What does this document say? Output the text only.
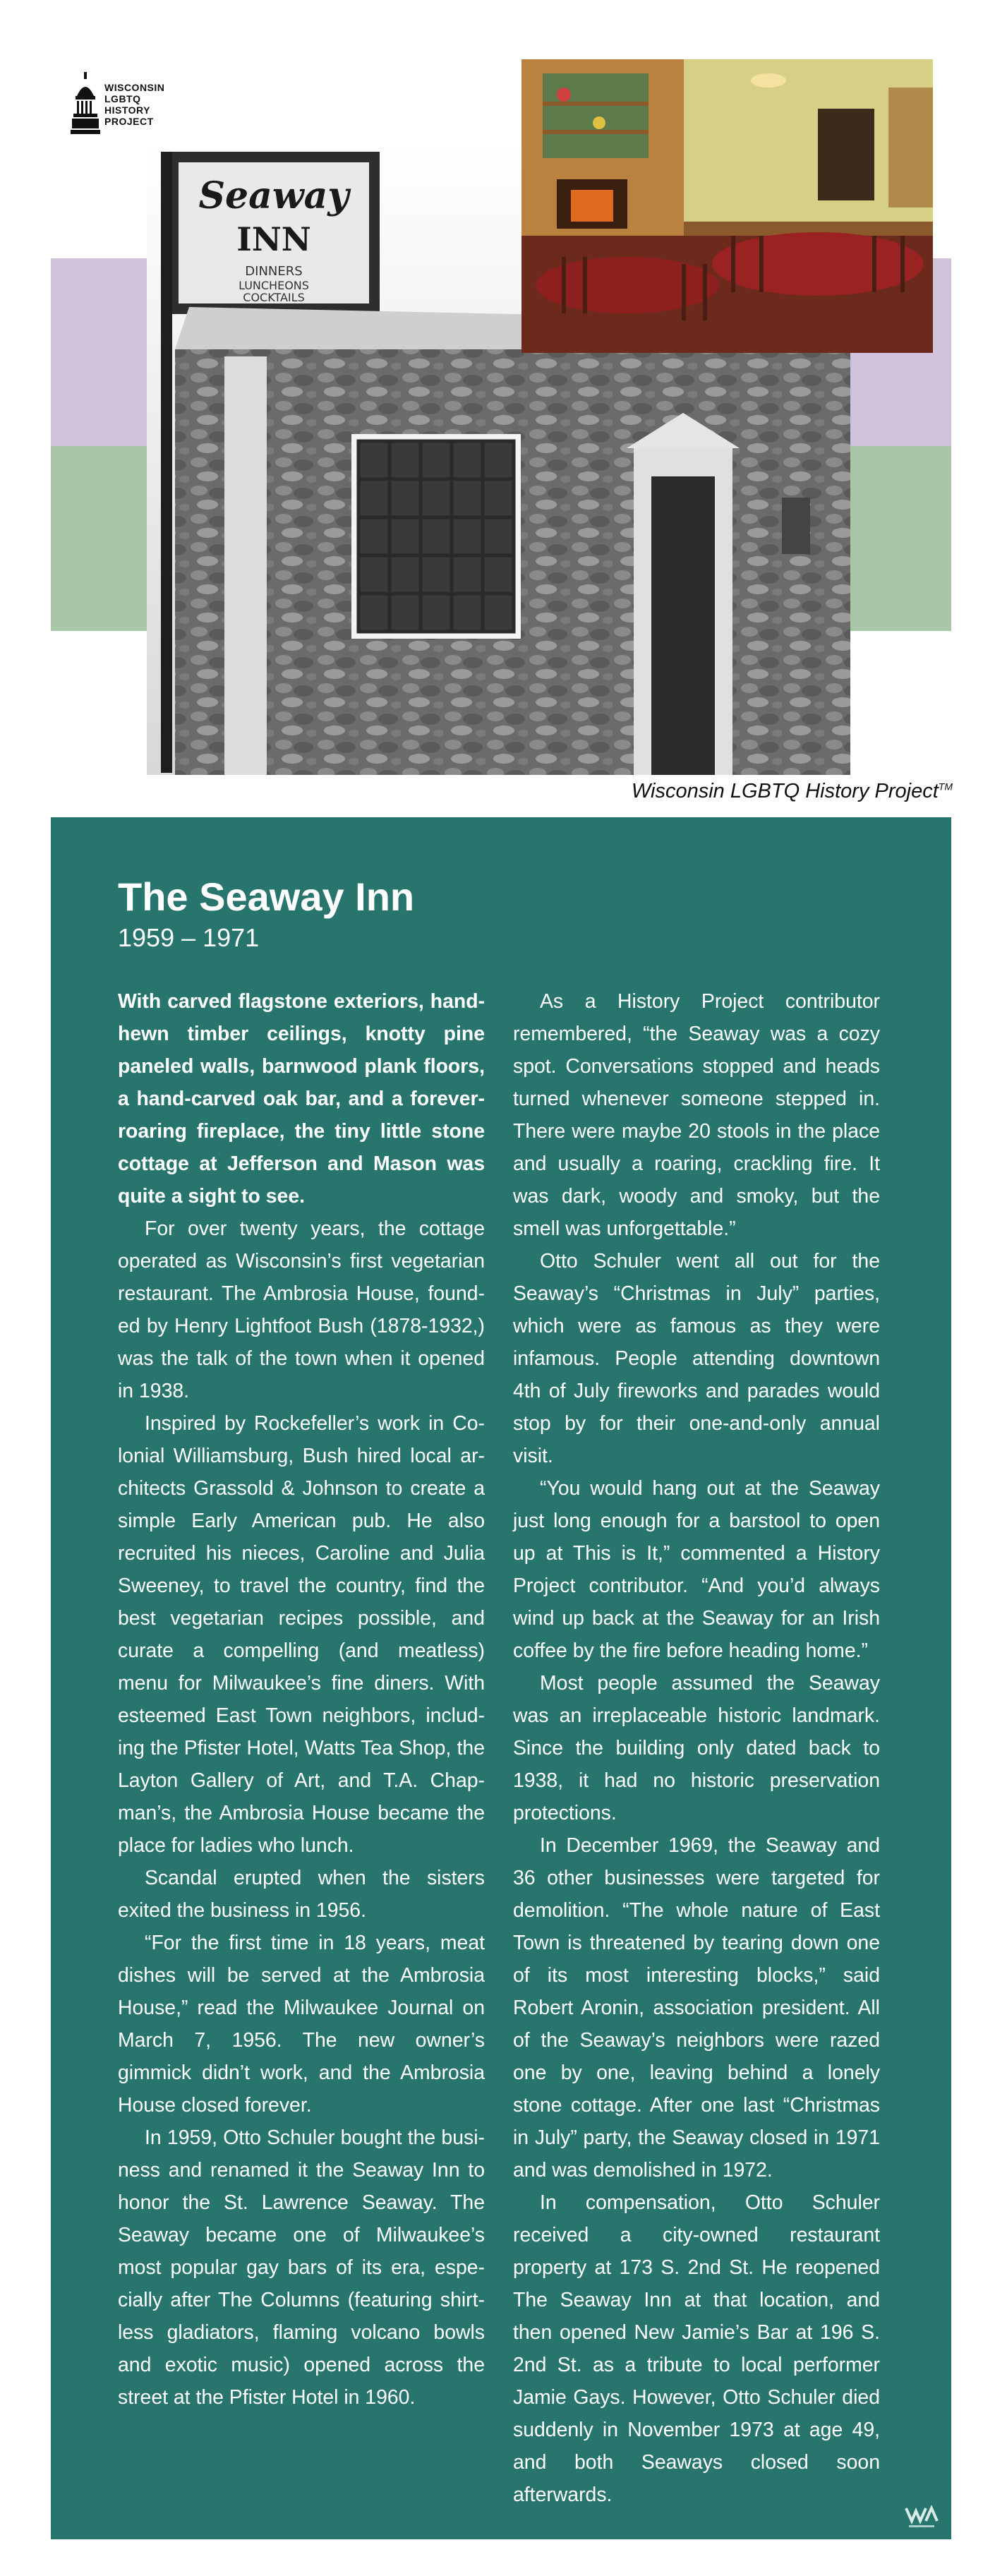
WISCONSIN
LGBTQ
HISTORY
PROJECT
Seaway
INN
DINNERS
LUNCHEONS
COCKTAILS
Wisconsin LGBTQ History Project™
The Seaway Inn
1959 – 1971

With carved flagstone exteriors, hand-hewn timber ceilings, knotty pine paneled walls, barnwood plank floors, a hand-carved oak bar, and a forever-roaring fireplace, the tiny little stone cottage at Jefferson and Mason was quite a sight to see.

For over twenty years, the cottage operated as Wisconsin’s first vegetarian restaurant. The Ambrosia House, founded by Henry Lightfoot Bush (1878-1932,) was the talk of the town when it opened in 1938.

Inspired by Rockefeller’s work in Colonial Williamsburg, Bush hired local architects Grassold & Johnson to create a simple Early American pub. He also recruited his nieces, Caroline and Julia Sweeney, to travel the country, find the best vegetarian recipes possible, and curate a compelling (and meatless) menu for Milwaukee’s fine diners. With esteemed East Town neighbors, including the Pfister Hotel, Watts Tea Shop, the Layton Gallery of Art, and T.A. Chapman’s, the Ambrosia House became the place for ladies who lunch.

Scandal erupted when the sisters exited the business in 1956.

“For the first time in 18 years, meat dishes will be served at the Ambrosia House,” read the Milwaukee Journal on March 7, 1956. The new owner’s gimmick didn’t work, and the Ambrosia House closed forever.

In 1959, Otto Schuler bought the business and renamed it the Seaway Inn to honor the St. Lawrence Seaway. The Seaway became one of Milwaukee’s most popular gay bars of its era, especially after The Columns (featuring shirtless gladiators, flaming volcano bowls and exotic music) opened across the street at the Pfister Hotel in 1960.

As a History Project contributor remembered, “the Seaway was a cozy spot. Conversations stopped and heads turned whenever someone stepped in. There were maybe 20 stools in the place and usually a roaring, crackling fire. It was dark, woody and smoky, but the smell was unforgettable.”

Otto Schuler went all out for the Seaway’s “Christmas in July” parties, which were as famous as they were infamous. People attending downtown 4th of July fireworks and parades would stop by for their one-and-only annual visit.

“You would hang out at the Seaway just long enough for a barstool to open up at This is It,” commented a History Project contributor. “And you’d always wind up back at the Seaway for an Irish coffee by the fire before heading home.”

Most people assumed the Seaway was an irreplaceable historic landmark. Since the building only dated back to 1938, it had no historic preservation protections.

In December 1969, the Seaway and 36 other businesses were targeted for demolition. “The whole nature of East Town is threatened by tearing down one of its most interesting blocks,” said Robert Aronin, association president. All of the Seaway’s neighbors were razed one by one, leaving behind a lonely stone cottage. After one last “Christmas in July” party, the Seaway closed in 1971 and was demolished in 1972.

In compensation, Otto Schuler received a city-owned restaurant property at 173 S. 2nd St. He reopened The Seaway Inn at that location, and then opened New Jamie’s Bar at 196 S. 2nd St. as a tribute to local performer Jamie Gays. However, Otto Schuler died suddenly in November 1973 at age 49, and both Seaways closed soon afterwards.
